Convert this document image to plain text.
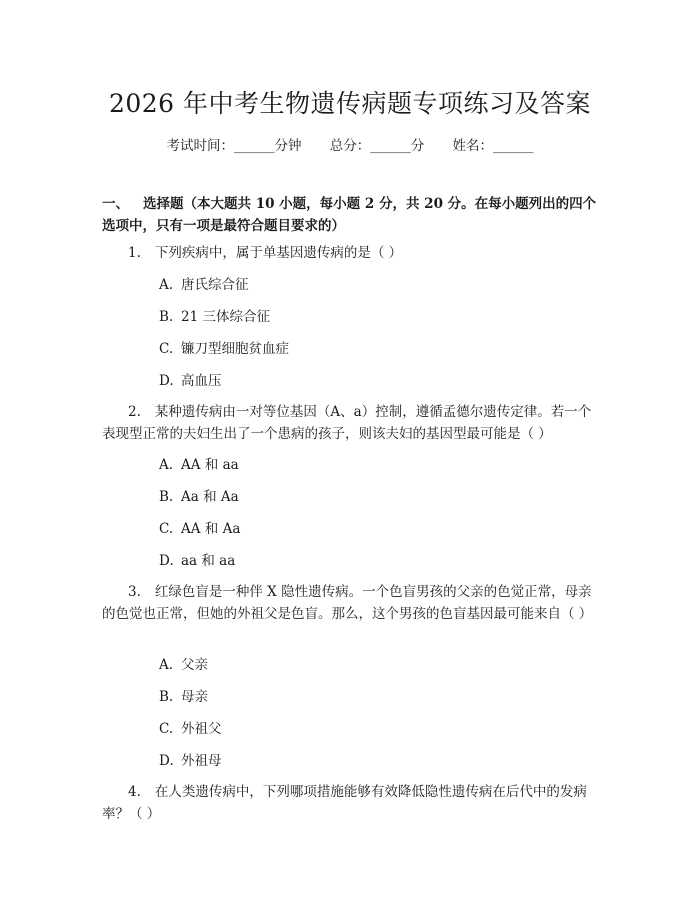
2026 年中考生物遗传病题专项练习及答案
考试时间：______分钟 总分：______分 姓名：______
一、 选择题（本大题共 10 小题，每小题 2 分，共 20 分。在每小题列出的四个选项中，只有一项是最符合题目要求的）
1. 下列疾病中，属于单基因遗传病的是（ ）
A. 唐氏综合征
B. 21 三体综合征
C. 镰刀型细胞贫血症
D. 高血压
2. 某种遗传病由一对等位基因（A、a）控制，遵循孟德尔遗传定律。若一个表现型正常的夫妇生出了一个患病的孩子，则该夫妇的基因型最可能是（ ）
A. AA 和 aa
B. Aa 和 Aa
C. AA 和 Aa
D. aa 和 aa
3. 红绿色盲是一种伴 X 隐性遗传病。一个色盲男孩的父亲的色觉正常，母亲的色觉也正常，但她的外祖父是色盲。那么，这个男孩的色盲基因最可能来自（ ）
A. 父亲
B. 母亲
C. 外祖父
D. 外祖母
4. 在人类遗传病中，下列哪项措施能够有效降低隐性遗传病在后代中的发病率？（ ）
